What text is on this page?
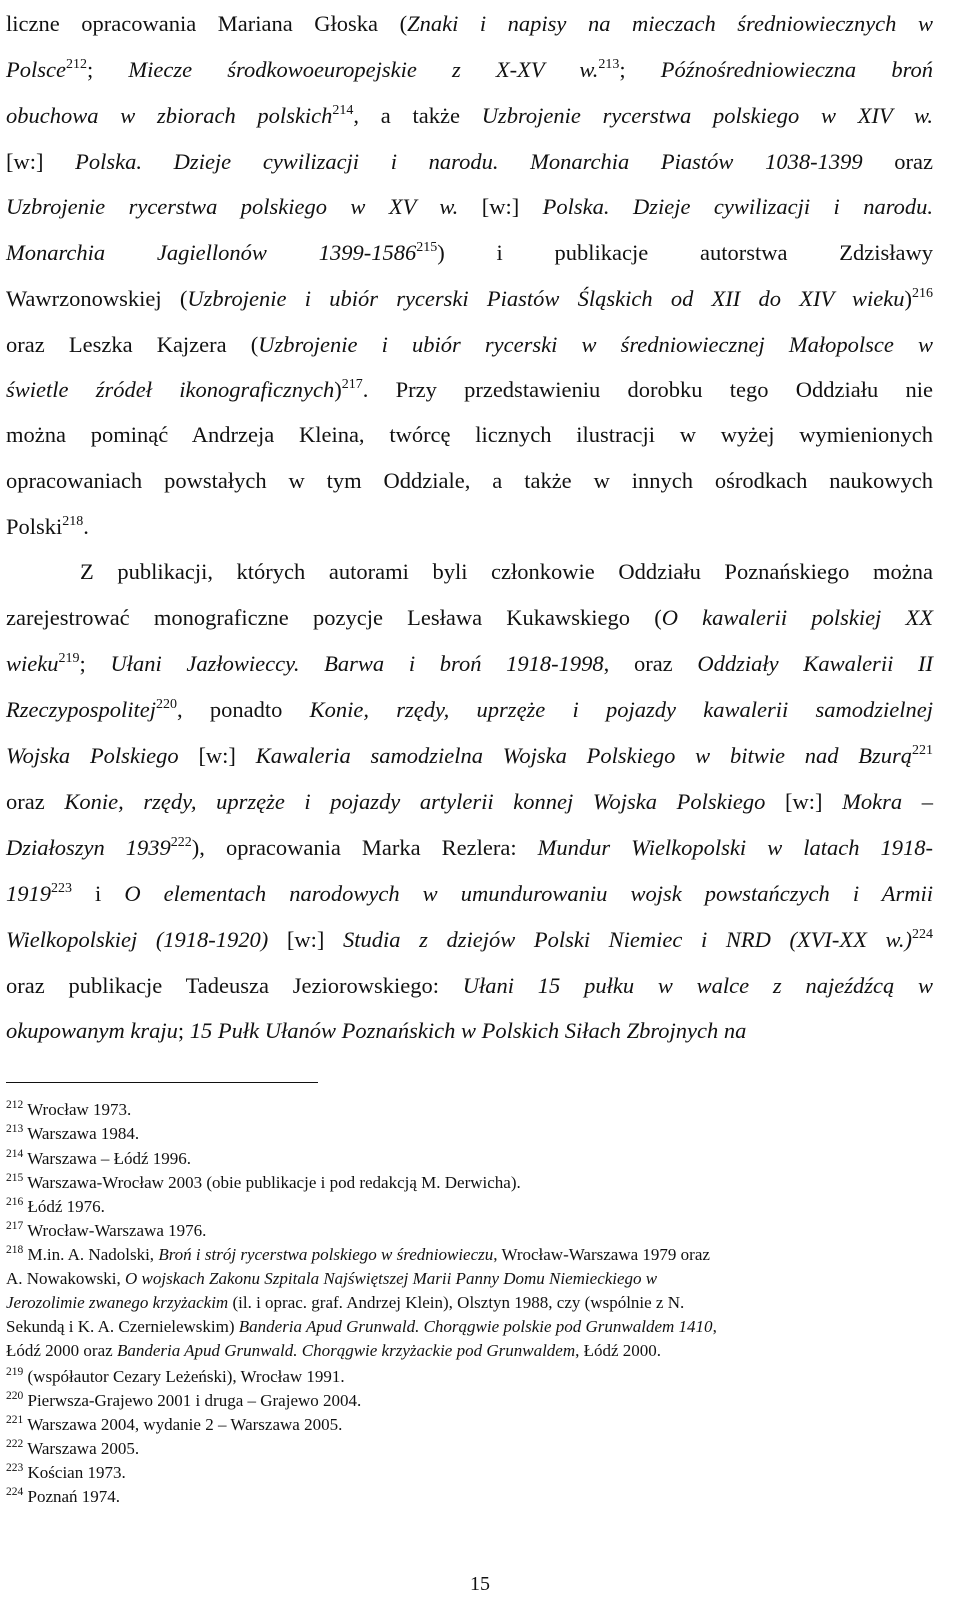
liczne opracowania Mariana Głoska (Znaki i napisy na mieczach średniowiecznych w
Polsce$^{212}$; Miecze środkowoeuropejskie z X-XV w.$^{213}$; Późnośredniowieczna broń
obuchowa w zbiorach polskich$^{214}$, a także Uzbrojenie rycerstwa polskiego w XIV w.
[w:] Polska. Dzieje cywilizacji i narodu. Monarchia Piastów 1038-1399 oraz
Uzbrojenie rycerstwa polskiego w XV w. [w:] Polska. Dzieje cywilizacji i narodu.
Monarchia Jagiellonów 1399-1586$^{215}$) i publikacje autorstwa Zdzisławy
Wawrzonowskiej (Uzbrojenie i ubiór rycerski Piastów Śląskich od XII do XIV wieku)$^{216}$
oraz Leszka Kajzera (Uzbrojenie i ubiór rycerski w średniowiecznej Małopolsce w
świetle źródeł ikonograficznych)$^{217}$. Przy przedstawieniu dorobku tego Oddziału nie
można pominąć Andrzeja Kleina, twórcę licznych ilustracji w wyżej wymienionych
opracowaniach powstałych w tym Oddziale, a także w innych ośrodkach naukowych
Polski$^{218}$.
Z publikacji, których autorami byli członkowie Oddziału Poznańskiego można
zarejestrować monograficzne pozycje Lesława Kukawskiego (O kawalerii polskiej XX
wieku$^{219}$; Ułani Jazłowieccy. Barwa i broń 1918-1998, oraz Oddziały Kawalerii II
Rzeczypospolitej$^{220}$, ponadto Konie, rzędy, uprzęże i pojazdy kawalerii samodzielnej
Wojska Polskiego [w:] Kawaleria samodzielna Wojska Polskiego w bitwie nad Bzurą$^{221}$
oraz Konie, rzędy, uprzęże i pojazdy artylerii konnej Wojska Polskiego [w:] Mokra –
Działoszyn 1939$^{222}$), opracowania Marka Rezlera: Mundur Wielkopolski w latach 1918-
1919$^{223}$ i O elementach narodowych w umundurowaniu wojsk powstańczych i Armii
Wielkopolskiej (1918-1920) [w:] Studia z dziejów Polski Niemiec i NRD (XVI-XX w.)$^{224}$
oraz publikacje Tadeusza Jeziorowskiego: Ułani 15 pułku w walce z najeźdźcą w
okupowanym kraju; 15 Pułk Ułanów Poznańskich w Polskich Siłach Zbrojnych na
$^{212}$ Wrocław 1973.
$^{213}$ Warszawa 1984.
$^{214}$ Warszawa – Łódź 1996.
$^{215}$ Warszawa-Wrocław 2003 (obie publikacje i pod redakcją M. Derwicha).
$^{216}$ Łódź 1976.
$^{217}$ Wrocław-Warszawa 1976.
$^{218}$ M.in. A. Nadolski, Broń i strój rycerstwa polskiego w średniowieczu, Wrocław-Warszawa 1979 oraz
A. Nowakowski, O wojskach Zakonu Szpitala Najświętszej Marii Panny Domu Niemieckiego w
Jerozolimie zwanego krzyżackim (il. i oprac. graf. Andrzej Klein), Olsztyn 1988, czy (wspólnie z N.
Sekundą i K. A. Czernielewskim) Banderia Apud Grunwald. Chorągwie polskie pod Grunwaldem 1410,
Łódź 2000 oraz Banderia Apud Grunwald. Chorągwie krzyżackie pod Grunwaldem, Łódź 2000.
$^{219}$ (współautor Cezary Leżeński), Wrocław 1991.
$^{220}$ Pierwsza-Grajewo 2001 i druga – Grajewo 2004.
$^{221}$ Warszawa 2004, wydanie 2 – Warszawa 2005.
$^{222}$ Warszawa 2005.
$^{223}$ Kościan 1973.
$^{224}$ Poznań 1974.
15
